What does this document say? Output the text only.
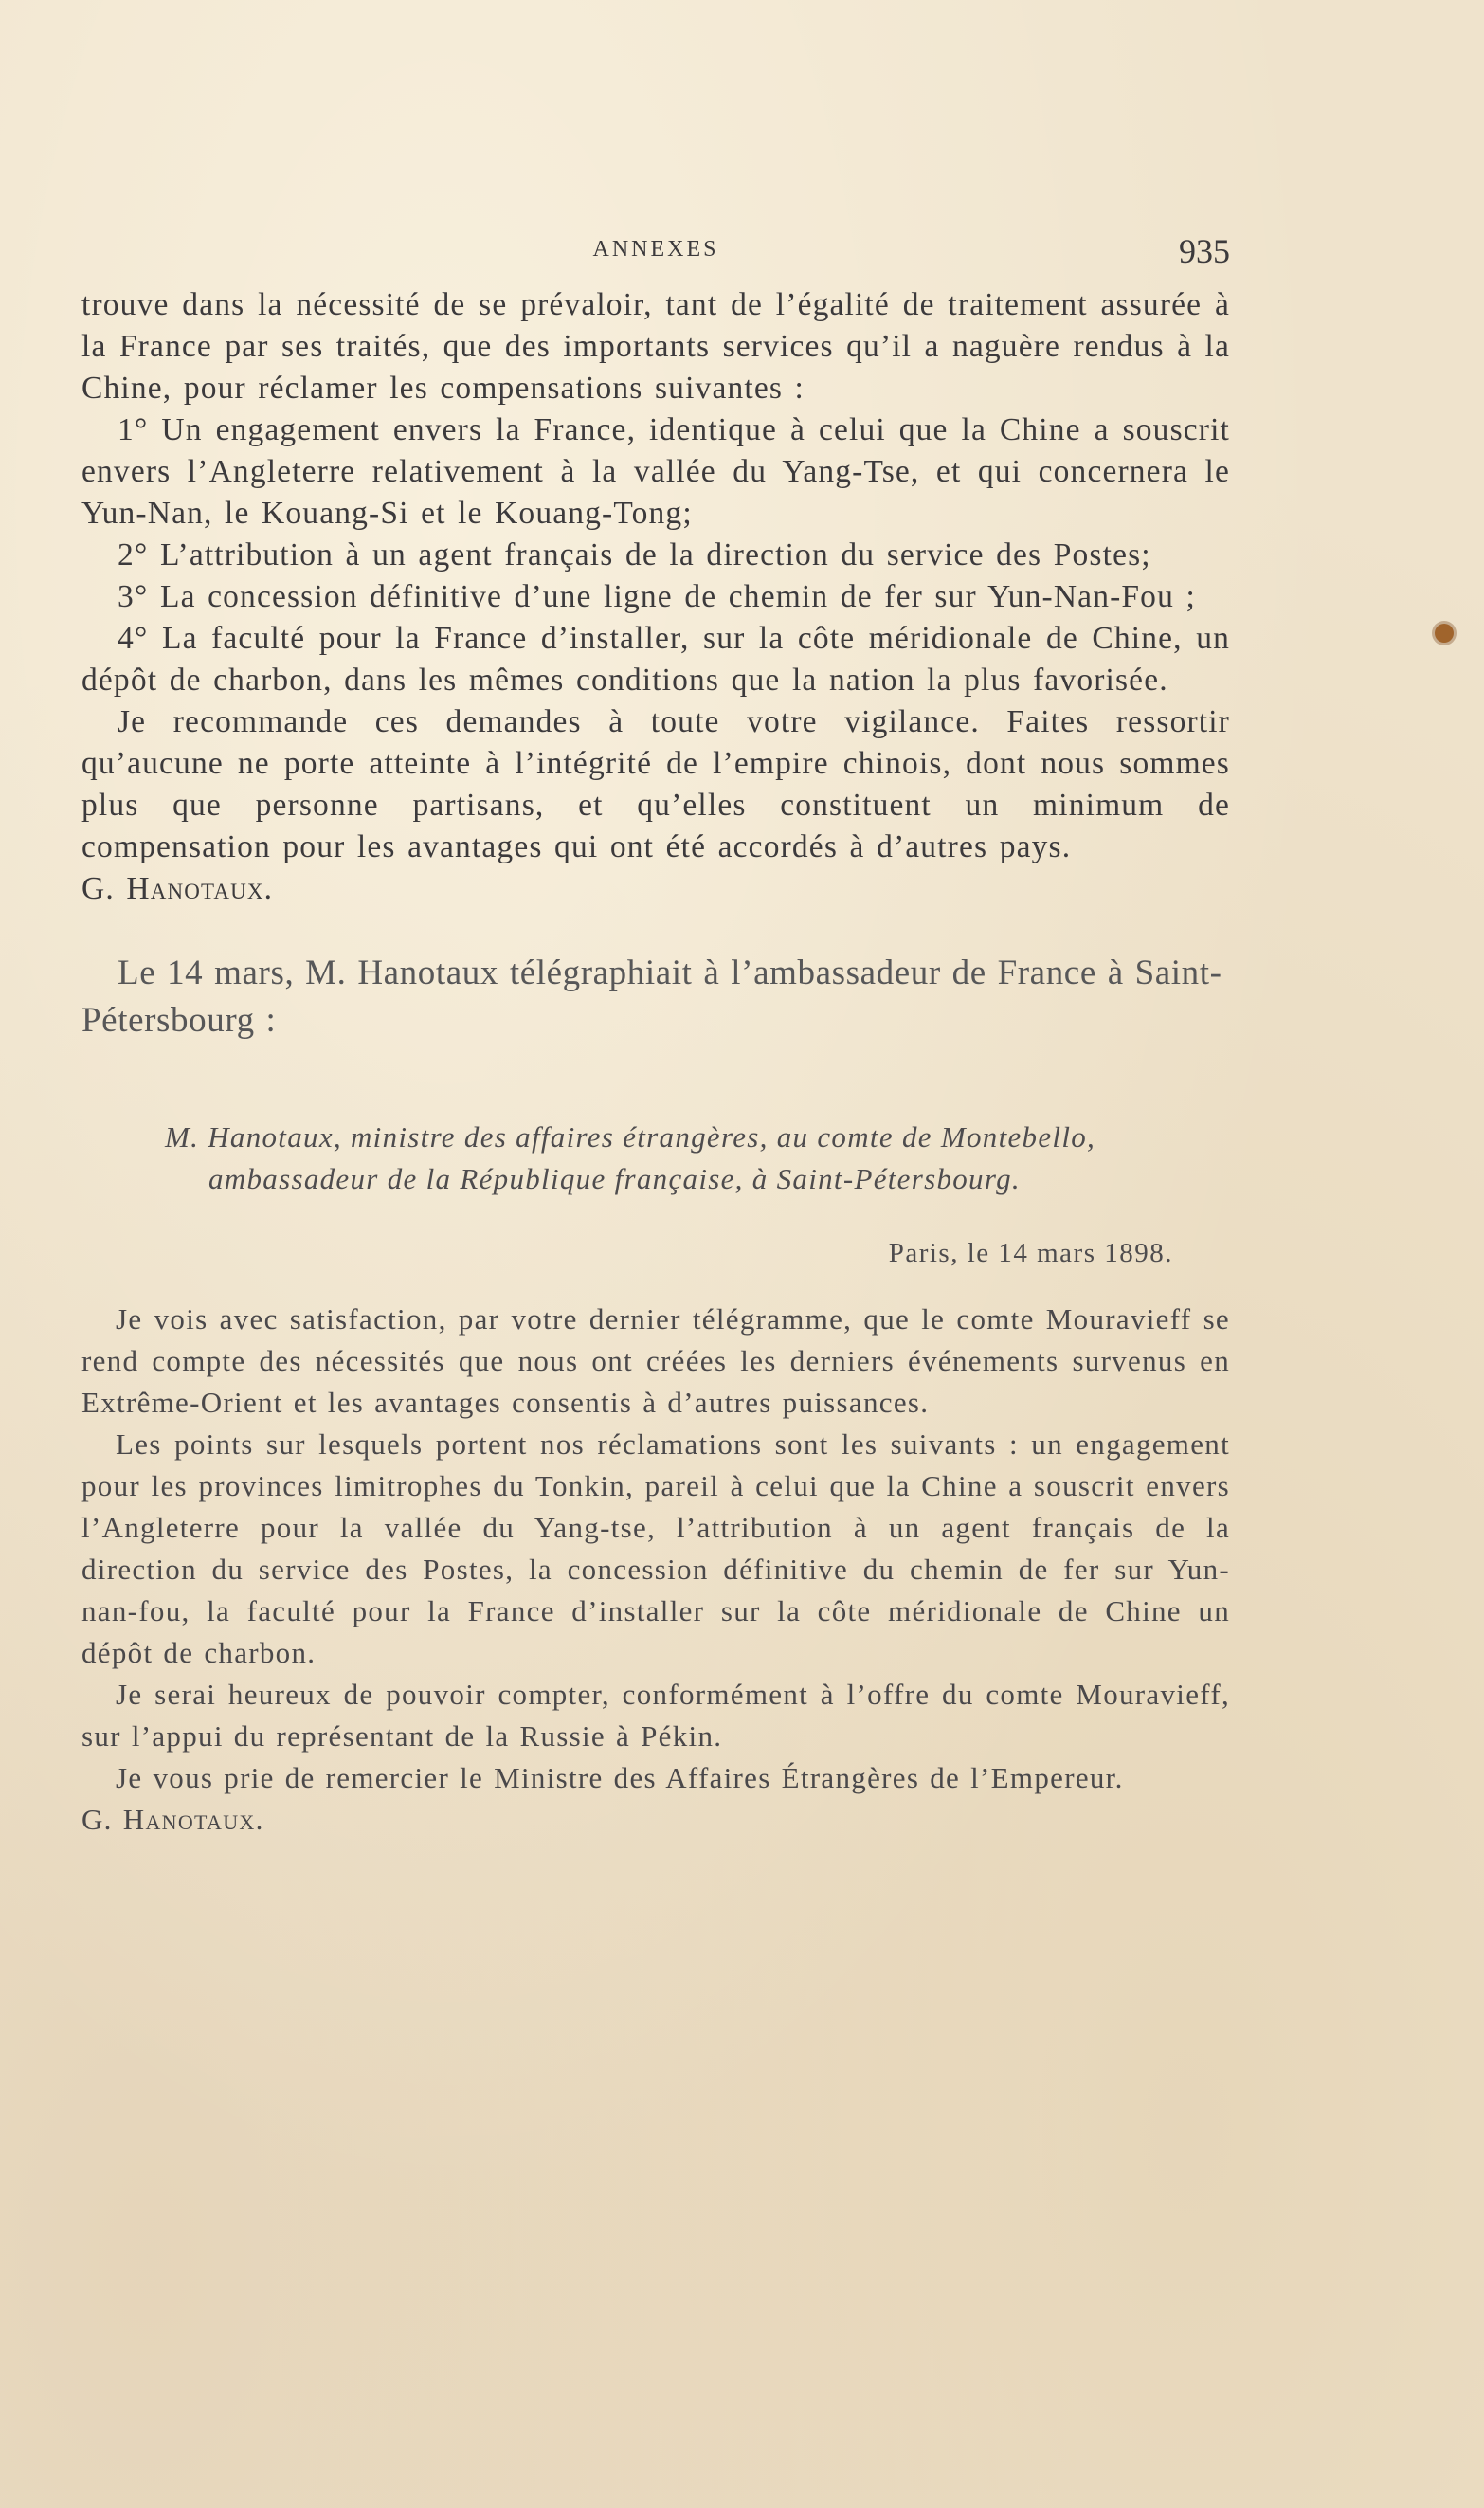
ANNEXES	935

trouve dans la nécessité de se prévaloir, tant de l’égalité de traitement assurée à la France par ses traités, que des importants services qu’il a naguère rendus à la Chine, pour réclamer les compensations suivantes :

1° Un engagement envers la France, identique à celui que la Chine a souscrit envers l’Angleterre relativement à la vallée du Yang-Tse, et qui concernera le Yun-Nan, le Kouang-Si et le Kouang-Tong;

2° L’attribution à un agent français de la direction du service des Postes;

3° La concession définitive d’une ligne de chemin de fer sur Yun-Nan-Fou ;

4° La faculté pour la France d’installer, sur la côte méridionale de Chine, un dépôt de charbon, dans les mêmes conditions que la nation la plus favorisée.

Je recommande ces demandes à toute votre vigilance. Faites ressortir qu’aucune ne porte atteinte à l’intégrité de l’empire chinois, dont nous sommes plus que personne partisans, et qu’elles constituent un minimum de compensation pour les avantages qui ont été accordés à d’autres pays.

G. Hanotaux.

Le 14 mars, M. Hanotaux télégraphiait à l’ambassadeur de France à Saint-Pétersbourg :

M. Hanotaux, ministre des affaires étrangères, au comte de Montebello, ambassadeur de la République française, à Saint-Pétersbourg.

Paris, le 14 mars 1898.

Je vois avec satisfaction, par votre dernier télégramme, que le comte Mouravieff se rend compte des nécessités que nous ont créées les derniers événements survenus en Extrême-Orient et les avantages consentis à d’autres puissances.

Les points sur lesquels portent nos réclamations sont les suivants : un engagement pour les provinces limitrophes du Tonkin, pareil à celui que la Chine a souscrit envers l’Angleterre pour la vallée du Yang-tse, l’attribution à un agent français de la direction du service des Postes, la concession définitive du chemin de fer sur Yun-nan-fou, la faculté pour la France d’installer sur la côte méridionale de Chine un dépôt de charbon.

Je serai heureux de pouvoir compter, conformément à l’offre du comte Mouravieff, sur l’appui du représentant de la Russie à Pékin.

Je vous prie de remercier le Ministre des Affaires Étrangères de l’Empereur.

G. Hanotaux.
